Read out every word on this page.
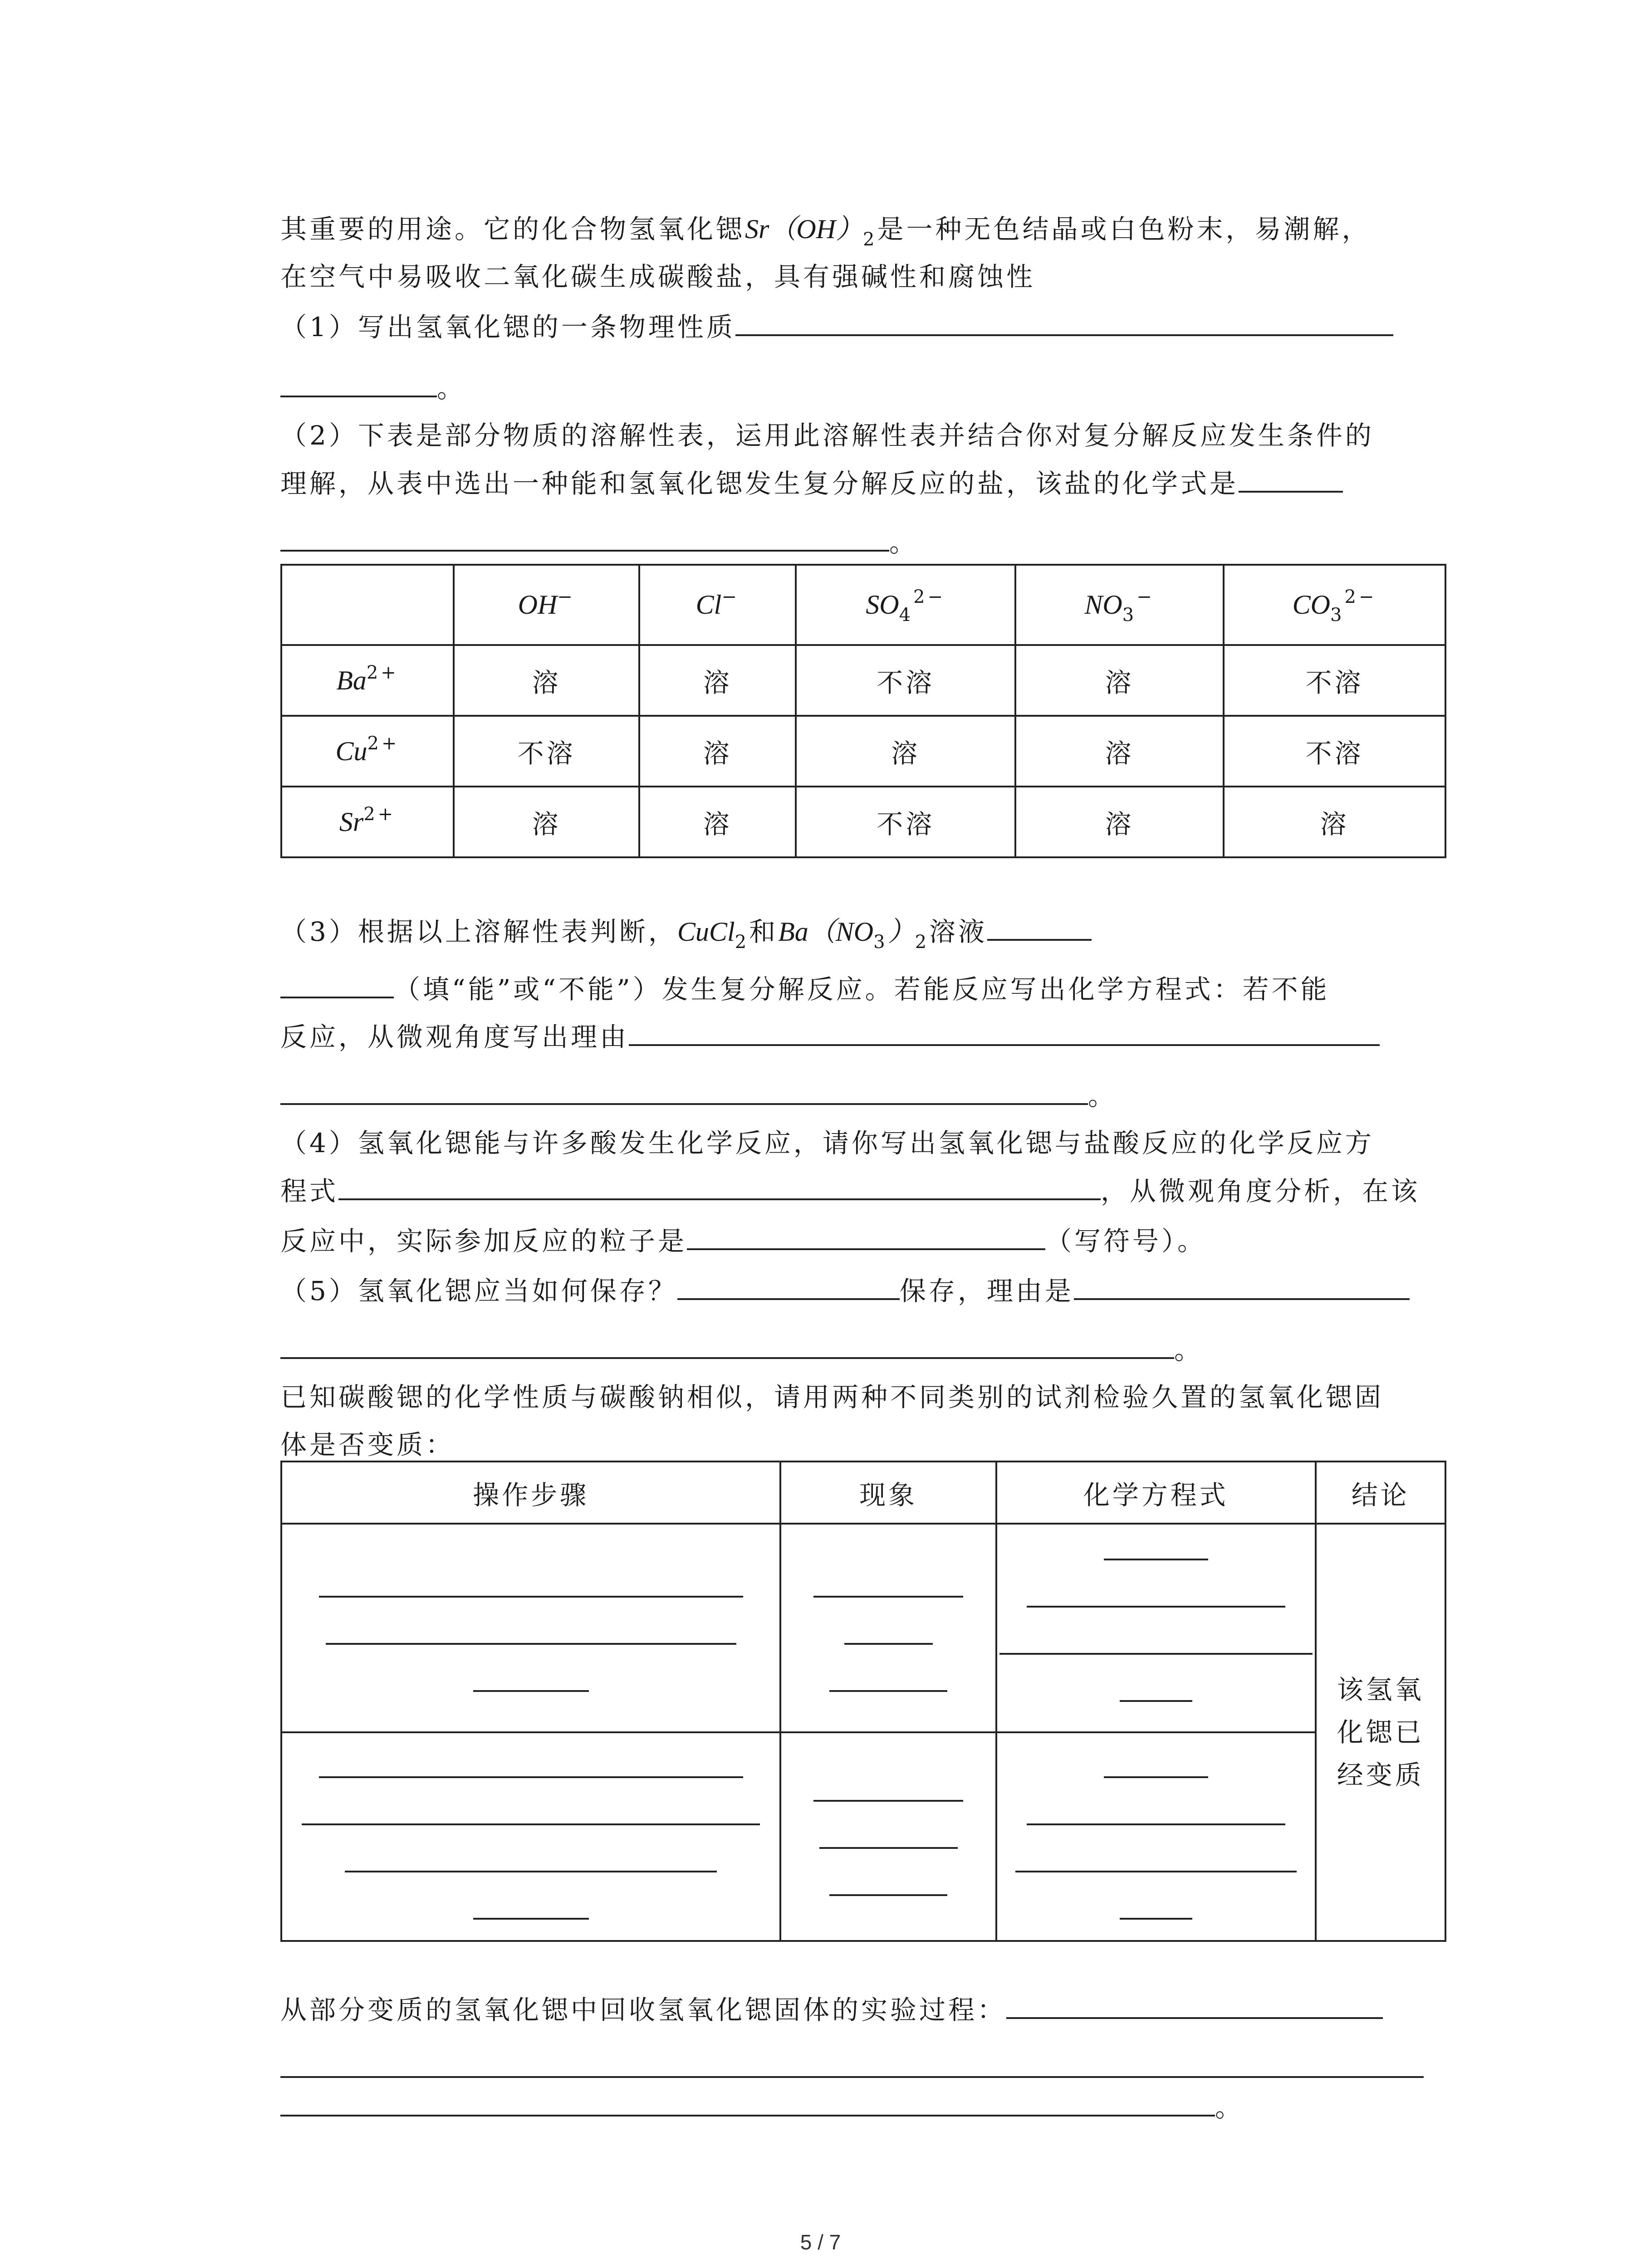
其重要的用途。它的化合物氢氧化锶$Sr(OH)_2$是一种无色结晶或白色粉末，易潮解，
在空气中易吸收二氧化碳生成碳酸盐，具有强碱性和腐蚀性
（1）写出氢氧化锶的一条物理性质
。
（2）下表是部分物质的溶解性表，运用此溶解性表并结合你对复分解反应发生条件的
理解，从表中选出一种能和氢氧化锶发生复分解反应的盐，该盐的化学式是
。
	OH−	Cl−	$SO_4^{2-}$	$NO_3^-$	$CO_3^{2-}$
$Ba^{2+}$	溶	溶	不溶	溶	不溶
$Cu^{2+}$	不溶	溶	溶	溶	不溶
$Sr^{2+}$	溶	溶	不溶	溶	溶
（3）根据以上溶解性表判断，CuCl$_2$和$Ba(NO_3)_2$溶液
（填“能”或“不能”）发生复分解反应。若能反应写出化学方程式：若不能
反应，从微观角度写出理由
。
（4）氢氧化锶能与许多酸发生化学反应，请你写出氢氧化锶与盐酸反应的化学反应方
程式	，从微观角度分析，在该
反应中，实际参加反应的粒子是	（写符号）。
（5）氢氧化锶应当如何保存？	保存，理由是
。
已知碳酸锶的化学性质与碳酸钠相似，请用两种不同类别的试剂检验久置的氢氧化锶固
体是否变质：
操作步骤	现象	化学方程式	结论

			该氢氧
化锶已
经变质

从部分变质的氢氧化锶中回收氢氧化锶固体的实验过程：
。
5 / 7
